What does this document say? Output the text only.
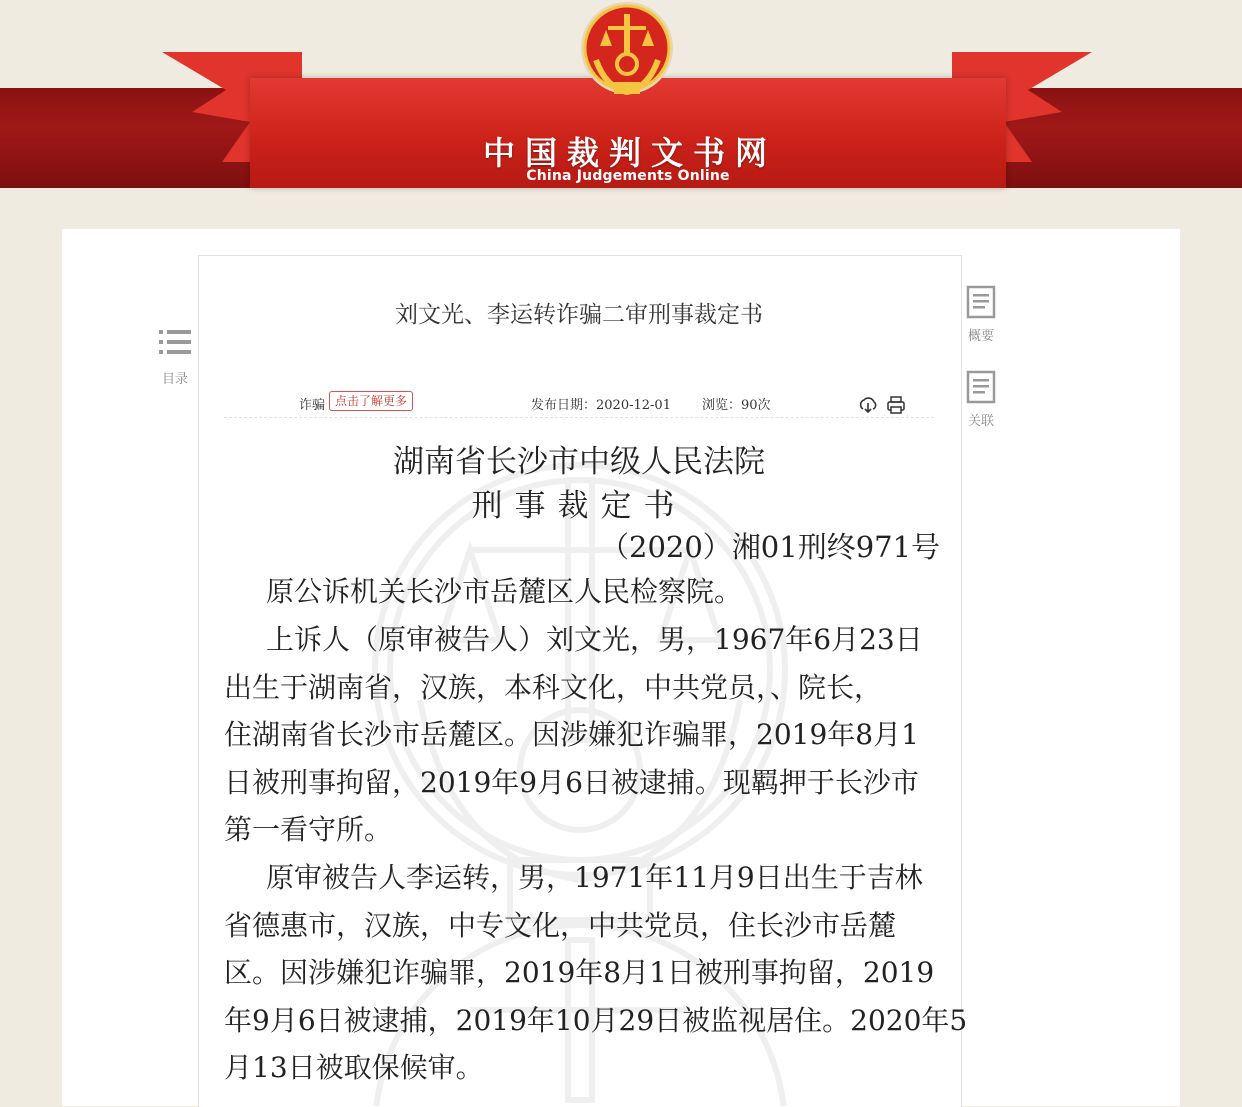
中国裁判文书网
China Judgements Online
目录
概要
关联
刘文光、李运转诈骗二审刑事裁定书
诈骗 点击了解更多	发布日期：2020-12-01 浏览：90次
湖南省长沙市中级人民法院
刑事裁定书
（2020）湘01刑终971号
原公诉机关长沙市岳麓区人民检察院。
上诉人（原审被告人）刘文光，男，1967年6月23日
出生于湖南省，汉族，本科文化，中共党员，、院长，
住湖南省长沙市岳麓区。因涉嫌犯诈骗罪，2019年8月1
日被刑事拘留，2019年9月6日被逮捕。现羁押于长沙市
第一看守所。
原审被告人李运转，男，1971年11月9日出生于吉林
省德惠市，汉族，中专文化，中共党员，住长沙市岳麓
区。因涉嫌犯诈骗罪，2019年8月1日被刑事拘留，2019
年9月6日被逮捕，2019年10月29日被监视居住。2020年5
月13日被取保候审。
